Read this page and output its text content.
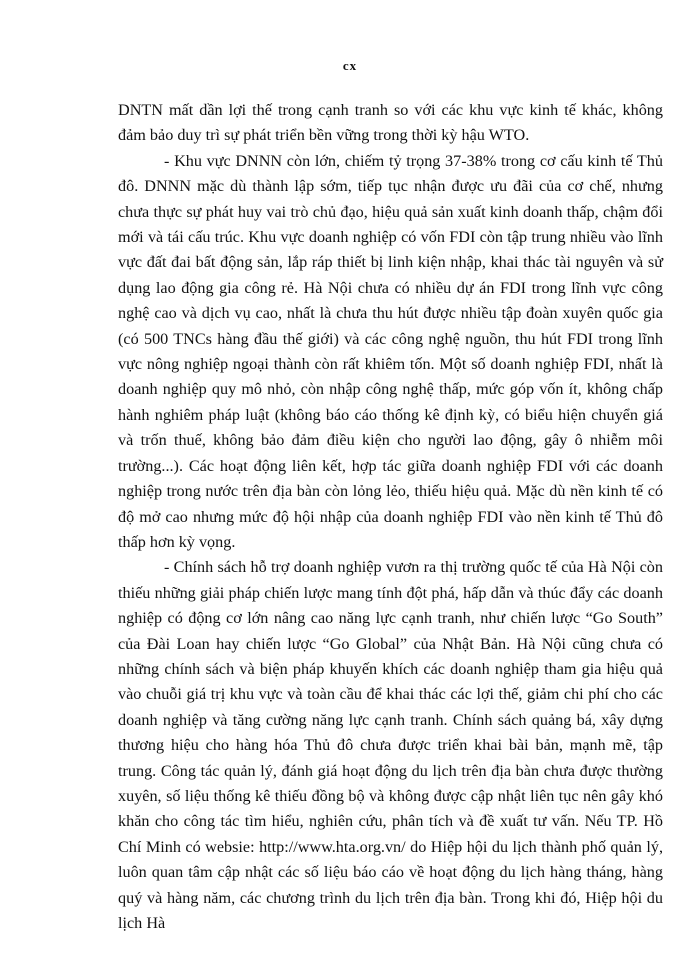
cx

DNTN mất dần lợi thế trong cạnh tranh so với các khu vực kinh tế khác, không đảm bảo duy trì sự phát triển bền vững trong thời kỳ hậu WTO.

- Khu vực DNNN còn lớn, chiếm tỷ trọng 37-38% trong cơ cấu kinh tế Thủ đô. DNNN mặc dù thành lập sớm, tiếp tục nhận được ưu đãi của cơ chế, nhưng chưa thực sự phát huy vai trò chủ đạo, hiệu quả sản xuất kinh doanh thấp, chậm đổi mới và tái cấu trúc. Khu vực doanh nghiệp có vốn FDI còn tập trung nhiều vào lĩnh vực đất đai bất động sản, lắp ráp thiết bị linh kiện nhập, khai thác tài nguyên và sử dụng lao động gia công rẻ. Hà Nội chưa có nhiều dự án FDI trong lĩnh vực công nghệ cao và dịch vụ cao, nhất là chưa thu hút được nhiều tập đoàn xuyên quốc gia (có 500 TNCs hàng đầu thế giới) và các công nghệ nguồn, thu hút FDI trong lĩnh vực nông nghiệp ngoại thành còn rất khiêm tốn. Một số doanh nghiệp FDI, nhất là doanh nghiệp quy mô nhỏ, còn nhập công nghệ thấp, mức góp vốn ít, không chấp hành nghiêm pháp luật (không báo cáo thống kê định kỳ, có biểu hiện chuyển giá và trốn thuế, không bảo đảm điều kiện cho người lao động, gây ô nhiễm môi trường...). Các hoạt động liên kết, hợp tác giữa doanh nghiệp FDI với các doanh nghiệp trong nước trên địa bàn còn lỏng lẻo, thiếu hiệu quả. Mặc dù nền kinh tế có độ mở cao nhưng mức độ hội nhập của doanh nghiệp FDI vào nền kinh tế Thủ đô thấp hơn kỳ vọng.

- Chính sách hỗ trợ doanh nghiệp vươn ra thị trường quốc tế của Hà Nội còn thiếu những giải pháp chiến lược mang tính đột phá, hấp dẫn và thúc đẩy các doanh nghiệp có động cơ lớn nâng cao năng lực cạnh tranh, như chiến lược “Go South” của Đài Loan hay chiến lược “Go Global” của Nhật Bản. Hà Nội cũng chưa có những chính sách và biện pháp khuyến khích các doanh nghiệp tham gia hiệu quả vào chuỗi giá trị khu vực và toàn cầu để khai thác các lợi thế, giảm chi phí cho các doanh nghiệp và tăng cường năng lực cạnh tranh. Chính sách quảng bá, xây dựng thương hiệu cho hàng hóa Thủ đô chưa được triển khai bài bản, mạnh mẽ, tập trung. Công tác quản lý, đánh giá hoạt động du lịch trên địa bàn chưa được thường xuyên, số liệu thống kê thiếu đồng bộ và không được cập nhật liên tục nên gây khó khăn cho công tác tìm hiểu, nghiên cứu, phân tích và đề xuất tư vấn. Nếu TP. Hồ Chí Minh có websie: http://www.hta.org.vn/ do Hiệp hội du lịch thành phố quản lý, luôn quan tâm cập nhật các số liệu báo cáo về hoạt động du lịch hàng tháng, hàng quý và hàng năm, các chương trình du lịch trên địa bàn. Trong khi đó, Hiệp hội du lịch Hà
